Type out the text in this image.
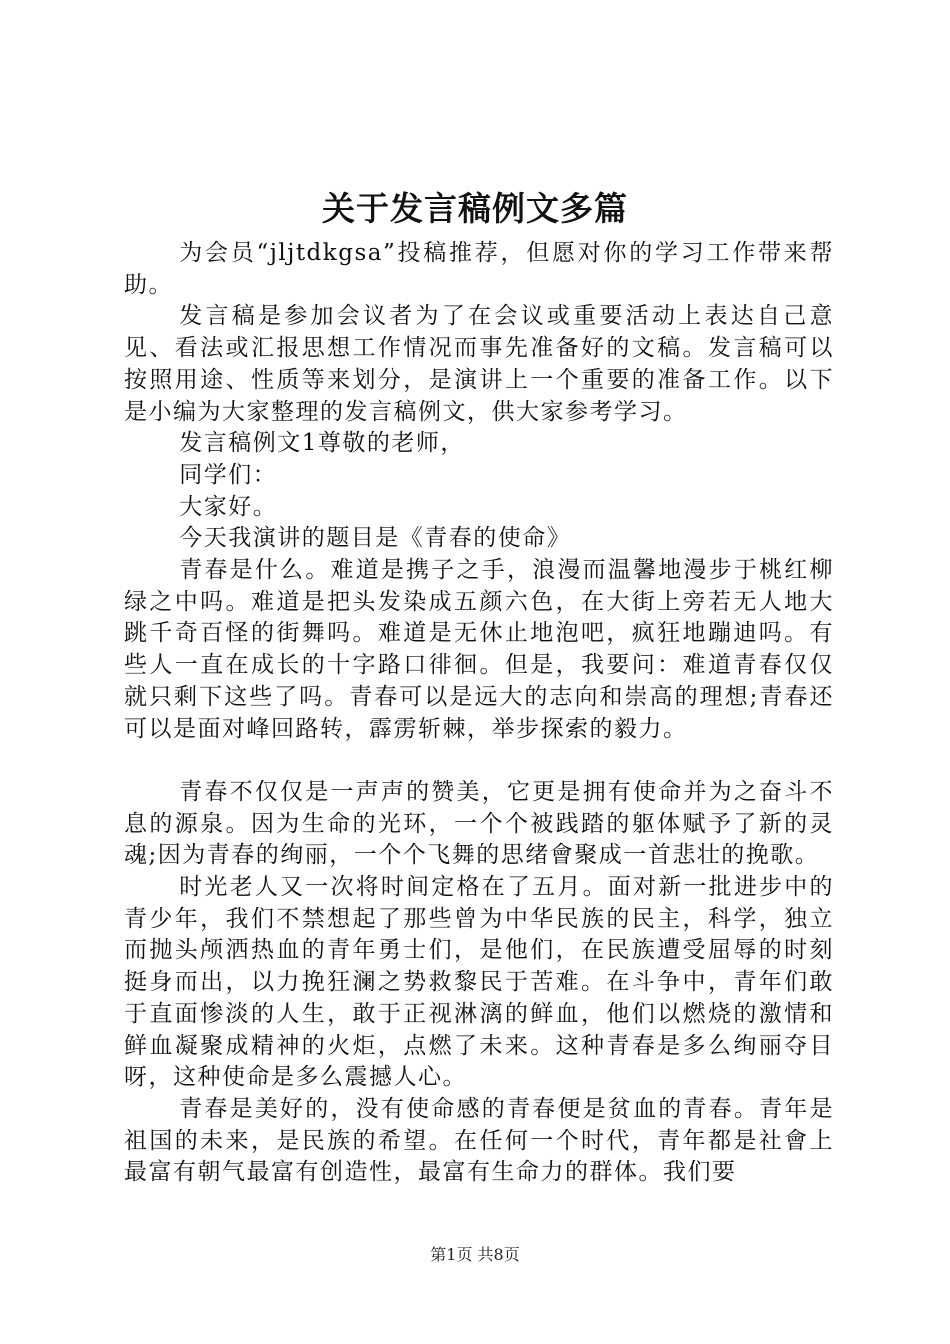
关于发言稿例文多篇

为会员“jljtdkgsa”投稿推荐，但愿对你的学习工作带来帮助。

发言稿是参加会议者为了在会议或重要活动上表达自己意见、看法或汇报思想工作情况而事先准备好的文稿。发言稿可以按照用途、性质等来划分，是演讲上一个重要的准备工作。以下是小编为大家整理的发言稿例文，供大家参考学习。

发言稿例文1尊敬的老师，

同学们：

大家好。

今天我演讲的题目是《青春的使命》

青春是什么。难道是携子之手，浪漫而温馨地漫步于桃红柳绿之中吗。难道是把头发染成五颜六色，在大街上旁若无人地大跳千奇百怪的街舞吗。难道是无休止地泡吧，疯狂地蹦迪吗。有些人一直在成长的十字路口徘徊。但是，我要问：难道青春仅仅就只剩下这些了吗。青春可以是远大的志向和崇高的理想;青春还可以是面对峰回路转，霹雳斩棘，举步探索的毅力。

青春不仅仅是一声声的赞美，它更是拥有使命并为之奋斗不息的源泉。因为生命的光环，一个个被践踏的躯体赋予了新的灵魂;因为青春的绚丽，一个个飞舞的思绪會聚成一首悲壮的挽歌。

时光老人又一次将时间定格在了五月。面对新一批进步中的青少年，我们不禁想起了那些曾为中华民族的民主，科学，独立而抛头颅洒热血的青年勇士们，是他们，在民族遭受屈辱的时刻挺身而出，以力挽狂澜之势救黎民于苦难。在斗争中，青年们敢于直面惨淡的人生，敢于正视淋漓的鲜血，他们以燃烧的激情和鲜血凝聚成精神的火炬，点燃了未来。这种青春是多么绚丽夺目呀，这种使命是多么震撼人心。

青春是美好的，没有使命感的青春便是贫血的青春。青年是祖国的未来，是民族的希望。在任何一个时代，青年都是社會上最富有朝气最富有创造性，最富有生命力的群体。我们要

第1页 共8页
